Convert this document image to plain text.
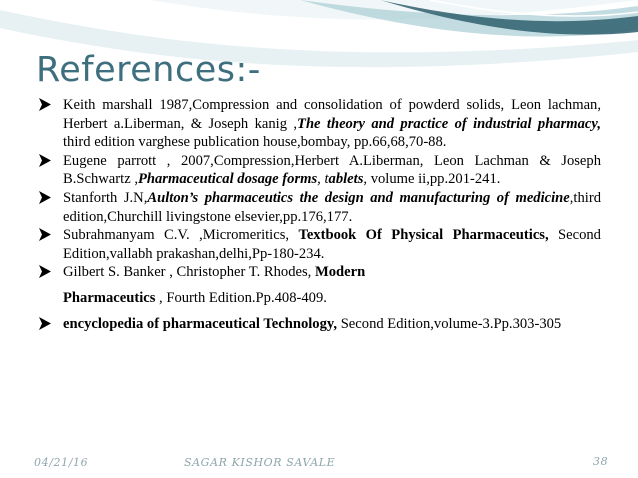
References:-
Keith marshall 1987,Compression and consolidation of powderd solids, Leon lachman, Herbert a.Liberman, & Joseph kanig ,The theory and practice of industrial pharmacy, third edition varghese publication house,bombay, pp.66,68,70-88.
Eugene parrott , 2007,Compression,Herbert A.Liberman, Leon Lachman & Joseph B.Schwartz ,Pharmaceutical dosage forms, tablets, volume ii,pp.201-241.
Stanforth J.N,Aulton’s pharmaceutics the design and manufacturing of medicine,third edition,Churchill livingstone elsevier,pp.176,177.
Subrahmanyam C.V. ,Micromeritics, Textbook Of Physical Pharmaceutics, Second Edition,vallabh prakashan,delhi,Pp-180-234.
Gilbert S. Banker , Christopher T. Rhodes, Modern
Pharmaceutics , Fourth Edition.Pp.408-409.
encyclopedia of pharmaceutical Technology, Second Edition,volume-3.Pp.303-305
04/21/16	SAGAR KISHOR SAVALE	38
